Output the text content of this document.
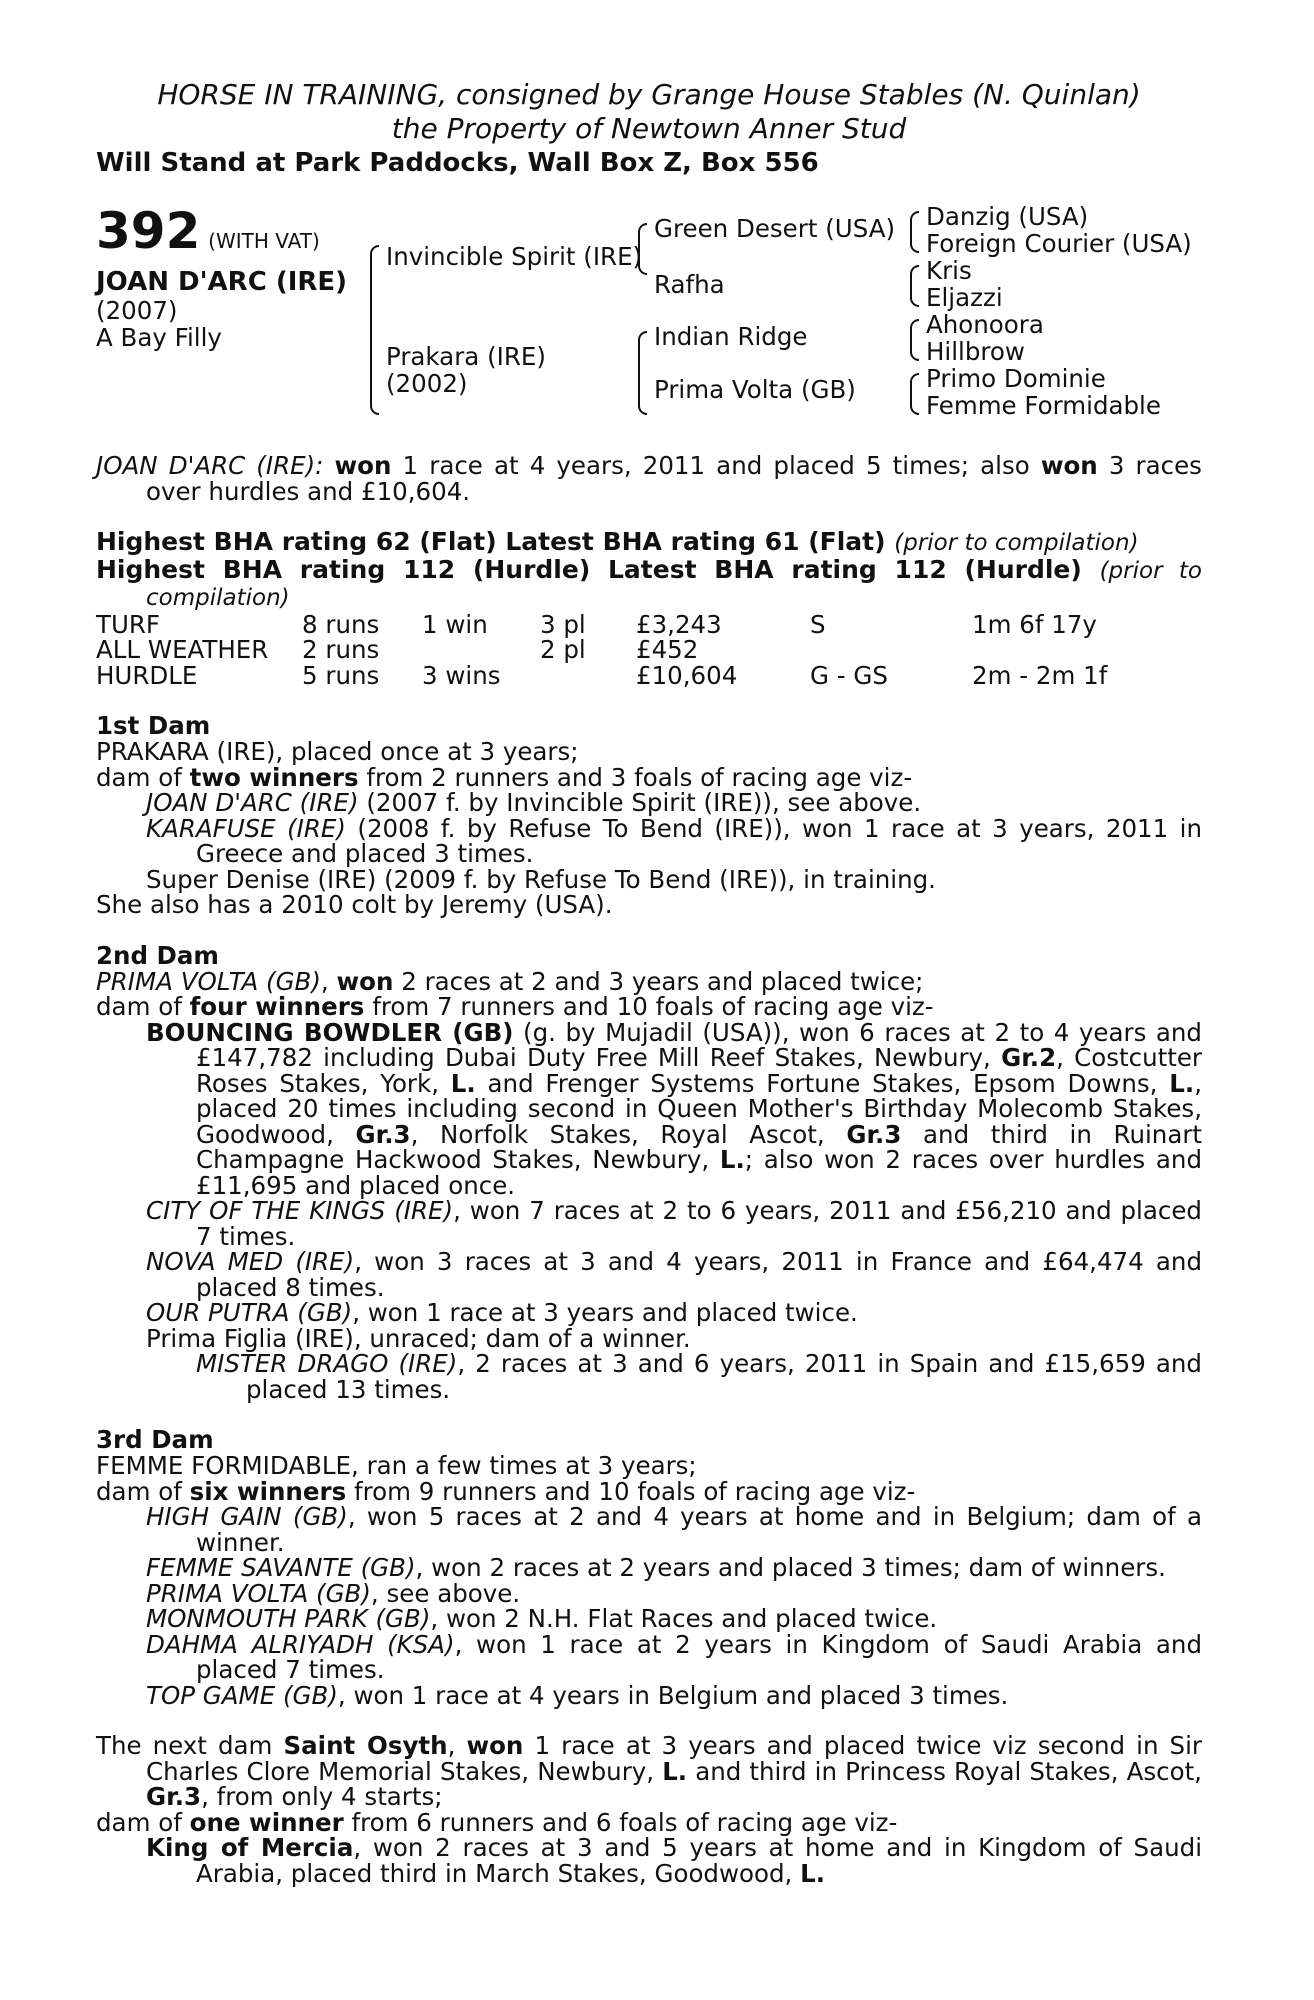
HORSE IN TRAINING, consigned by Grange House Stables (N. Quinlan)
the Property of Newtown Anner Stud
Will Stand at Park Paddocks, Wall Box Z, Box 556
392 (WITH VAT)
JOAN D'ARC (IRE)
(2007)
A Bay Filly
Invincible Spirit (IRE)
Prakara (IRE)
(2002)
Green Desert (USA)
Rafha
Indian Ridge
Prima Volta (GB)
Danzig (USA)
Foreign Courier (USA)
Kris
Eljazzi
Ahonoora
Hillbrow
Primo Dominie
Femme Formidable

JOAN D'ARC (IRE): won 1 race at 4 years, 2011 and placed 5 times; also won 3 races over hurdles and £10,604.

Highest BHA rating 62 (Flat) Latest BHA rating 61 (Flat) (prior to compilation)

Highest BHA rating 112 (Hurdle) Latest BHA rating 112 (Hurdle) (prior to compilation)

TURF	8 runs	1 win	3 pl	£3,243	S	1m 6f 17y
ALL WEATHER	2 runs		2 pl	£452		
HURDLE	5 runs	3 wins		£10,604	G - GS	2m - 2m 1f

1st Dam

PRAKARA (IRE), placed once at 3 years;

dam of two winners from 2 runners and 3 foals of racing age viz-

JOAN D'ARC (IRE) (2007 f. by Invincible Spirit (IRE)), see above.

KARAFUSE (IRE) (2008 f. by Refuse To Bend (IRE)), won 1 race at 3 years, 2011 in Greece and placed 3 times.

Super Denise (IRE) (2009 f. by Refuse To Bend (IRE)), in training.

She also has a 2010 colt by Jeremy (USA).

2nd Dam

PRIMA VOLTA (GB), won 2 races at 2 and 3 years and placed twice;

dam of four winners from 7 runners and 10 foals of racing age viz-

BOUNCING BOWDLER (GB) (g. by Mujadil (USA)), won 6 races at 2 to 4 years and £147,782 including Dubai Duty Free Mill Reef Stakes, Newbury, Gr.2, Costcutter Roses Stakes, York, L. and Frenger Systems Fortune Stakes, Epsom Downs, L., placed 20 times including second in Queen Mother's Birthday Molecomb Stakes, Goodwood, Gr.3, Norfolk Stakes, Royal Ascot, Gr.3 and third in Ruinart Champagne Hackwood Stakes, Newbury, L.; also won 2 races over hurdles and £11,695 and placed once.

CITY OF THE KINGS (IRE), won 7 races at 2 to 6 years, 2011 and £56,210 and placed 7 times.

NOVA MED (IRE), won 3 races at 3 and 4 years, 2011 in France and £64,474 and placed 8 times.

OUR PUTRA (GB), won 1 race at 3 years and placed twice.

Prima Figlia (IRE), unraced; dam of a winner.

MISTER DRAGO (IRE), 2 races at 3 and 6 years, 2011 in Spain and £15,659 and placed 13 times.

3rd Dam

FEMME FORMIDABLE, ran a few times at 3 years;

dam of six winners from 9 runners and 10 foals of racing age viz-

HIGH GAIN (GB), won 5 races at 2 and 4 years at home and in Belgium; dam of a winner.

FEMME SAVANTE (GB), won 2 races at 2 years and placed 3 times; dam of winners.

PRIMA VOLTA (GB), see above.

MONMOUTH PARK (GB), won 2 N.H. Flat Races and placed twice.

DAHMA ALRIYADH (KSA), won 1 race at 2 years in Kingdom of Saudi Arabia and placed 7 times.

TOP GAME (GB), won 1 race at 4 years in Belgium and placed 3 times.

The next dam Saint Osyth, won 1 race at 3 years and placed twice viz second in Sir Charles Clore Memorial Stakes, Newbury, L. and third in Princess Royal Stakes, Ascot, Gr.3, from only 4 starts;

dam of one winner from 6 runners and 6 foals of racing age viz-

King of Mercia, won 2 races at 3 and 5 years at home and in Kingdom of Saudi Arabia, placed third in March Stakes, Goodwood, L.
